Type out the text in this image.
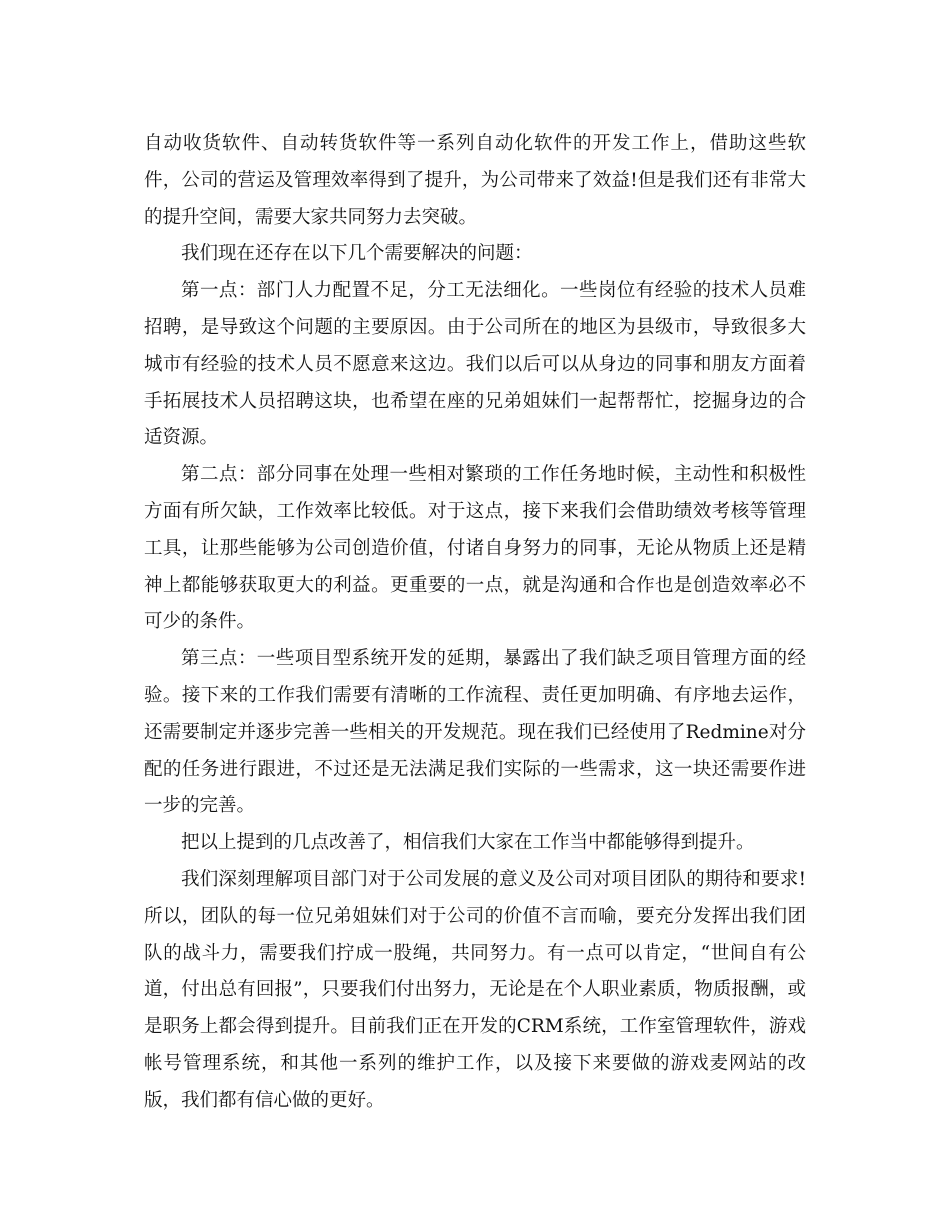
自动收货软件、自动转货软件等一系列自动化软件的开发工作上，借助这些软件，公司的营运及管理效率得到了提升，为公司带来了效益!但是我们还有非常大的提升空间，需要大家共同努力去突破。

我们现在还存在以下几个需要解决的问题：

第一点：部门人力配置不足，分工无法细化。一些岗位有经验的技术人员难招聘，是导致这个问题的主要原因。由于公司所在的地区为县级市，导致很多大城市有经验的技术人员不愿意来这边。我们以后可以从身边的同事和朋友方面着手拓展技术人员招聘这块，也希望在座的兄弟姐妹们一起帮帮忙，挖掘身边的合适资源。

第二点：部分同事在处理一些相对繁琐的工作任务地时候，主动性和积极性方面有所欠缺，工作效率比较低。对于这点，接下来我们会借助绩效考核等管理工具，让那些能够为公司创造价值，付诸自身努力的同事，无论从物质上还是精神上都能够获取更大的利益。更重要的一点，就是沟通和合作也是创造效率必不可少的条件。

第三点：一些项目型系统开发的延期，暴露出了我们缺乏项目管理方面的经验。接下来的工作我们需要有清晰的工作流程、责任更加明确、有序地去运作，还需要制定并逐步完善一些相关的开发规范。现在我们已经使用了Redmine对分配的任务进行跟进，不过还是无法满足我们实际的一些需求，这一块还需要作进一步的完善。

把以上提到的几点改善了，相信我们大家在工作当中都能够得到提升。

我们深刻理解项目部门对于公司发展的意义及公司对项目团队的期待和要求!所以，团队的每一位兄弟姐妹们对于公司的价值不言而喻，要充分发挥出我们团队的战斗力，需要我们拧成一股绳，共同努力。有一点可以肯定，“世间自有公道，付出总有回报”，只要我们付出努力，无论是在个人职业素质，物质报酬，或是职务上都会得到提升。目前我们正在开发的CRM系统，工作室管理软件，游戏帐号管理系统，和其他一系列的维护工作，以及接下来要做的游戏麦网站的改版，我们都有信心做的更好。
